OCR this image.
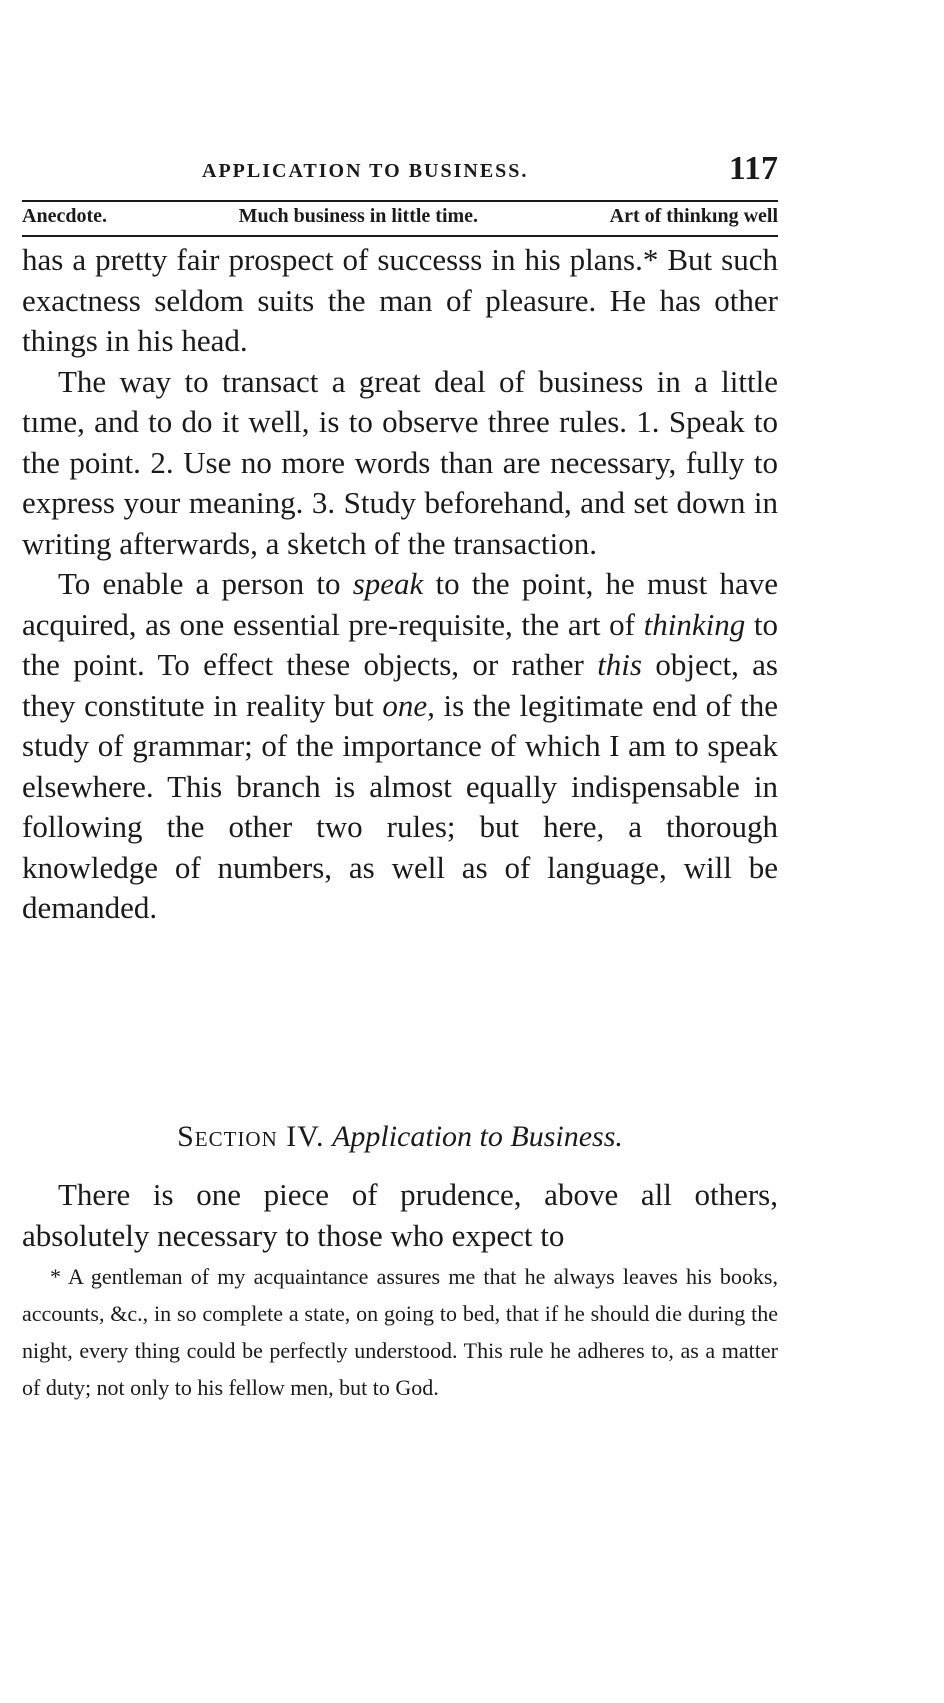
APPLICATION TO BUSINESS.	117
Anecdote.	Much business in little time.	Art of thinkıng well

has a pretty fair prospect of successs in his plans.* But such exactness seldom suits the man of pleasure. He has other things in his head.

The way to transact a great deal of business in a little tıme, and to do it well, is to observe three rules. 1. Speak to the point. 2. Use no more words than are necessary, fully to express your meaning. 3. Study beforehand, and set down in writing afterwards, a sketch of the transaction.

To enable a person to speak to the point, he must have acquired, as one essential pre-requisite, the art of thinking to the point. To effect these objects, or rather this object, as they constitute in reality but one, is the legitimate end of the study of grammar; of the importance of which I am to speak elsewhere. This branch is almost equally indispensable in following the other two rules; but here, a thorough knowledge of numbers, as well as of language, will be demanded.

Section IV. Application to Business.

There is one piece of prudence, above all others, absolutely necessary to those who expect to

* A gentleman of my acquaintance assures me that he always leaves his books, accounts, &c., in so complete a state, on going to bed, that if he should die during the night, every thing could be perfectly understood. This rule he adheres to, as a matter of duty; not only to his fellow men, but to God.
